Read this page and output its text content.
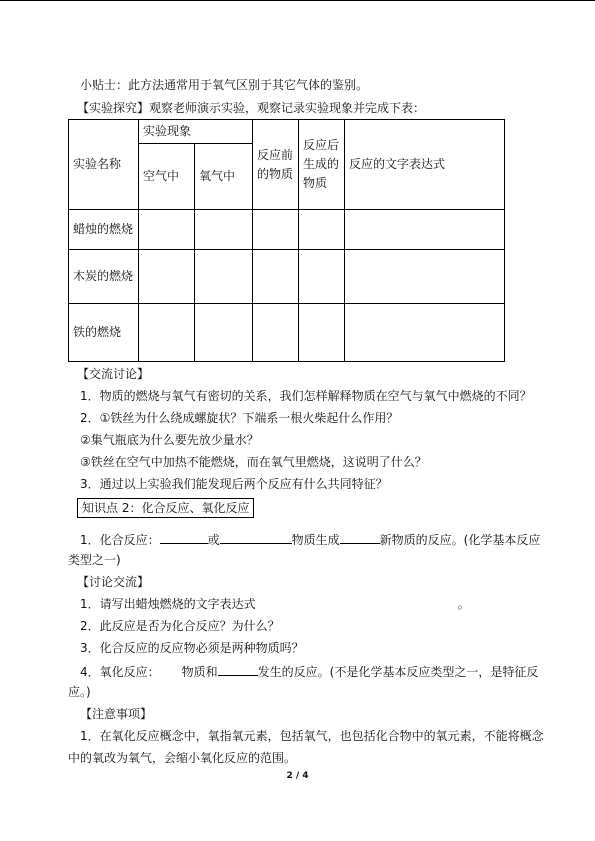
小贴士：此方法通常用于氧气区别于其它气体的鉴别。
【实验探究】观察老师演示实验，观察记录实验现象并完成下表：
实验名称	实验现象		反应前的物质	反应后生成的物质	反应的文字表达式
	空气中	氧气中			
蜡烛的燃烧					
木炭的燃烧					
铁的燃烧					
【交流讨论】
1．物质的燃烧与氧气有密切的关系，我们怎样解释物质在空气与氧气中燃烧的不同？
2．①铁丝为什么绕成螺旋状？下端系一根火柴起什么作用？
②集气瓶底为什么要先放少量水？
③铁丝在空气中加热不能燃烧，而在氧气里燃烧，这说明了什么？
3．通过以上实验我们能发现后两个反应有什么共同特征？
知识点 2：化合反应、氧化反应
1．化合反应：	或	物质生成	新物质的反应。(化学基本反应
类型之一)
【讨论交流】
1．请写出蜡烛燃烧的文字表达式	。
2．此反应是否为化合反应？为什么？
3．化合反应的反应物必须是两种物质吗？
4．氧化反应： 物质和	发生的反应。(不是化学基本反应类型之一，是特征反
应。)
【注意事项】
1．在氧化反应概念中，氧指氧元素，包括氧气，也包括化合物中的氧元素，不能将概念
中的氧改为氧气，会缩小氧化反应的范围。
2 / 4
